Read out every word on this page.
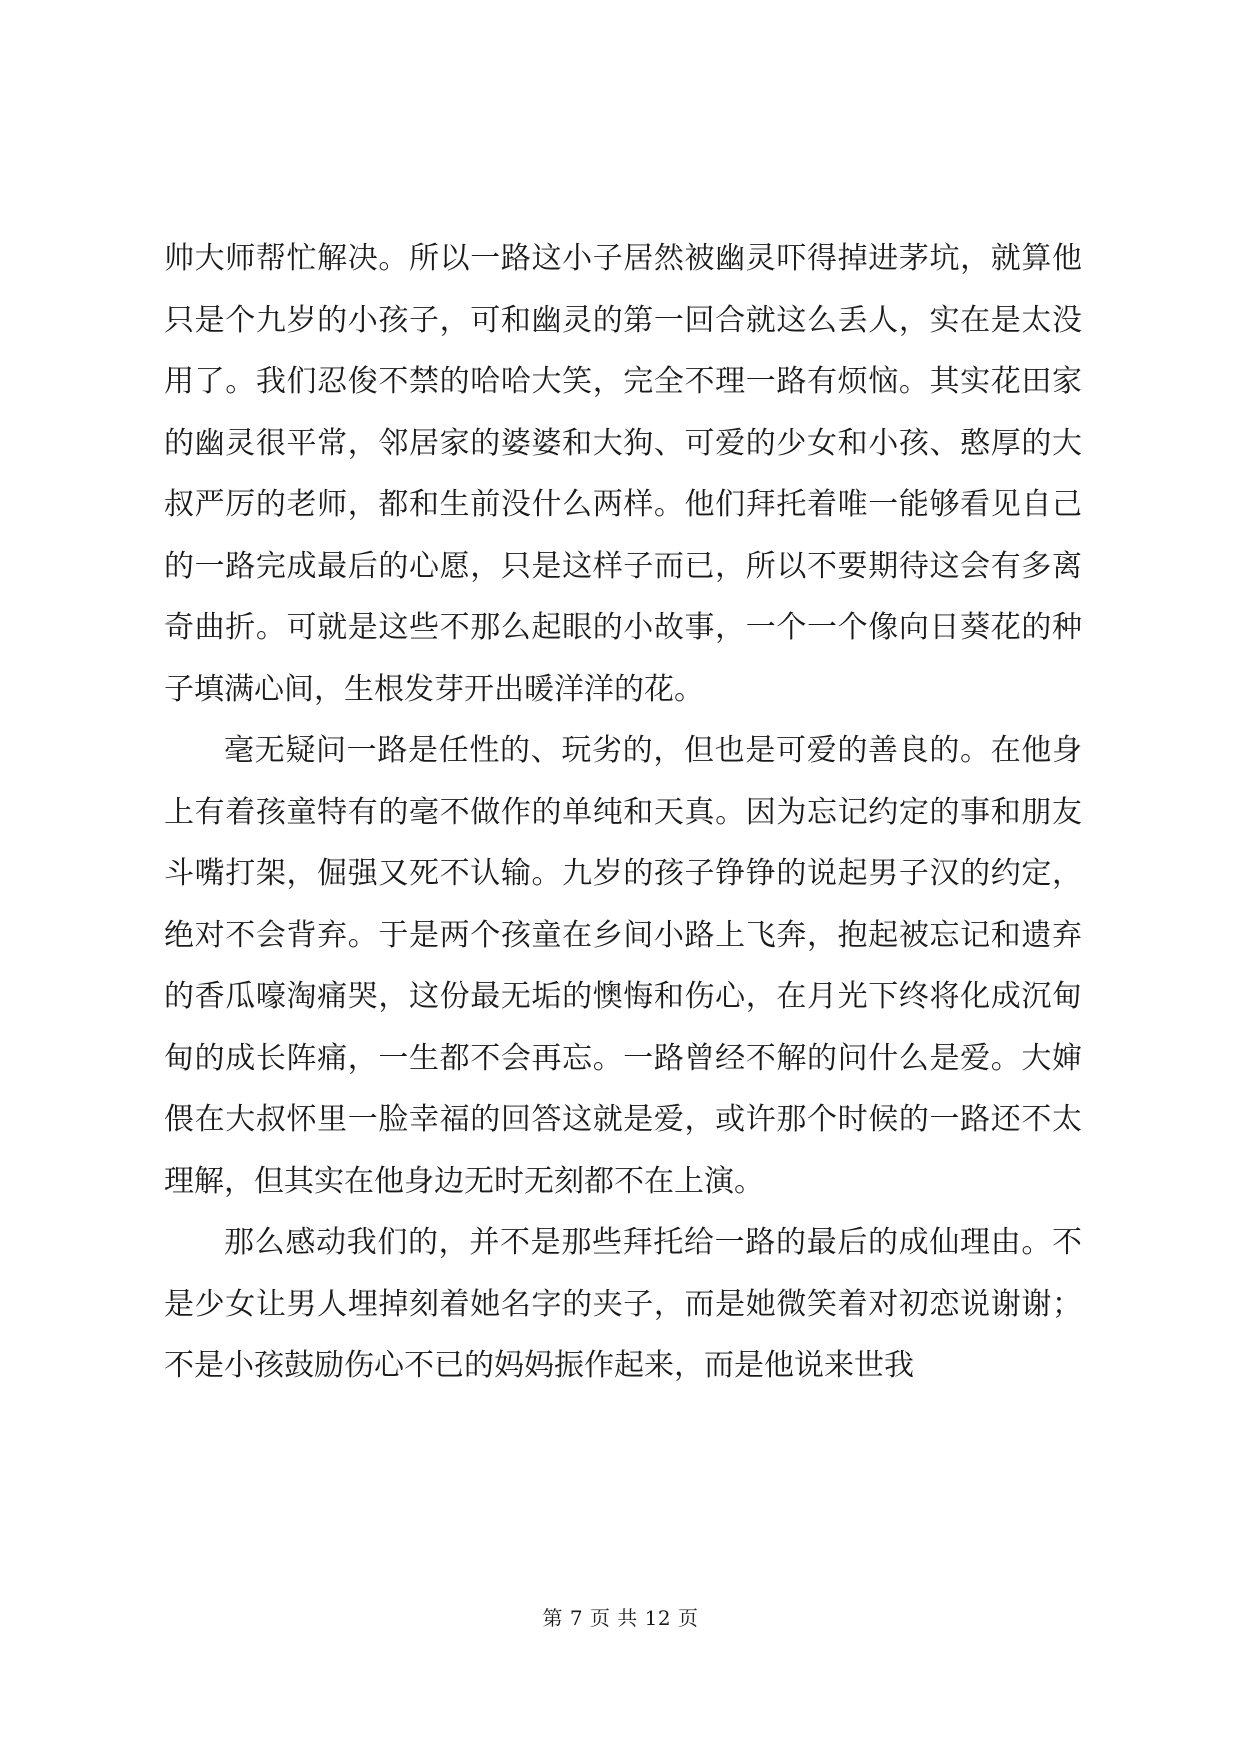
帅大师帮忙解决。所以一路这小子居然被幽灵吓得掉进茅坑，就算他只是个九岁的小孩子，可和幽灵的第一回合就这么丢人，实在是太没用了。我们忍俊不禁的哈哈大笑，完全不理一路有烦恼。其实花田家的幽灵很平常，邻居家的婆婆和大狗、可爱的少女和小孩、憨厚的大叔严厉的老师，都和生前没什么两样。他们拜托着唯一能够看见自己的一路完成最后的心愿，只是这样子而已，所以不要期待这会有多离奇曲折。可就是这些不那么起眼的小故事，一个一个像向日葵花的种子填满心间，生根发芽开出暖洋洋的花。

毫无疑问一路是任性的、玩劣的，但也是可爱的善良的。在他身上有着孩童特有的毫不做作的单纯和天真。因为忘记约定的事和朋友斗嘴打架，倔强又死不认输。九岁的孩子铮铮的说起男子汉的约定，绝对不会背弃。于是两个孩童在乡间小路上飞奔，抱起被忘记和遗弃的香瓜嚎淘痛哭，这份最无垢的懊悔和伤心，在月光下终将化成沉甸甸的成长阵痛，一生都不会再忘。一路曾经不解的问什么是爱。大婶偎在大叔怀里一脸幸福的回答这就是爱，或许那个时候的一路还不太理解，但其实在他身边无时无刻都不在上演。

那么感动我们的，并不是那些拜托给一路的最后的成仙理由。不是少女让男人埋掉刻着她名字的夹子，而是她微笑着对初恋说谢谢；不是小孩鼓励伤心不已的妈妈振作起来，而是他说来世我

第 7 页 共 12 页
